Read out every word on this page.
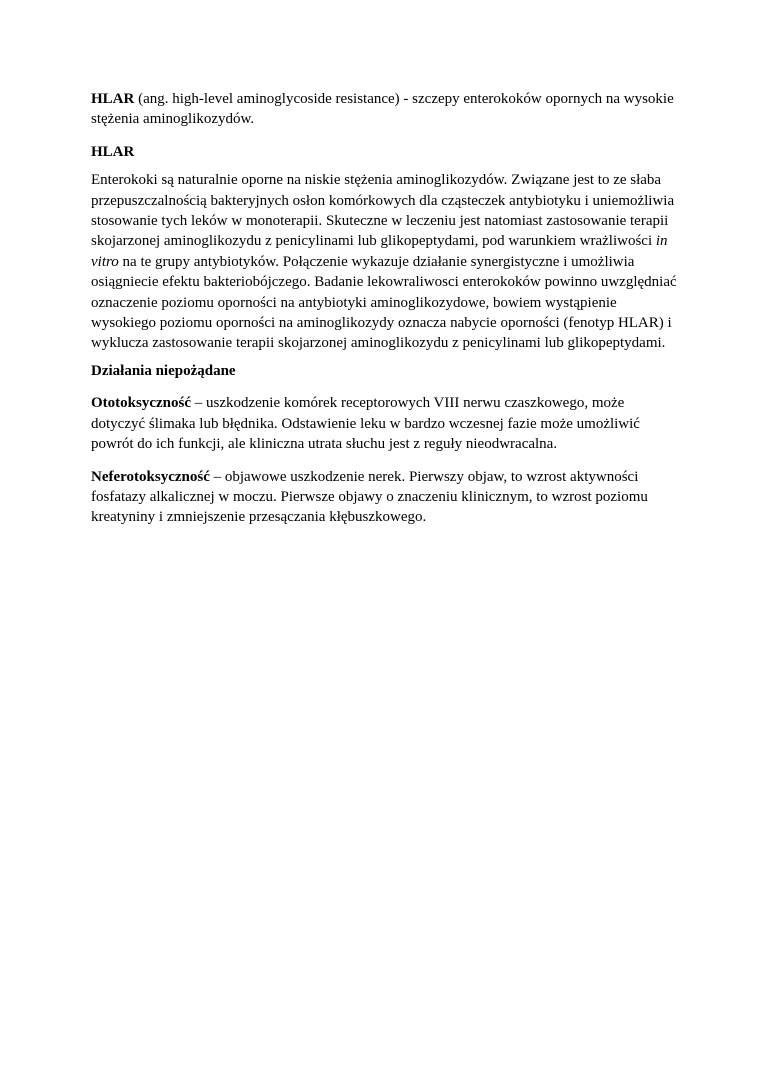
HLAR (ang. high-level aminoglycoside resistance) - szczepy enterokoków opornych na wysokie stężenia aminoglikozydów.

HLAR

Enterokoki są naturalnie oporne na niskie stężenia aminoglikozydów. Związane jest to ze słaba przepuszczalnością bakteryjnych osłon komórkowych dla cząsteczek antybiotyku i uniemożliwia stosowanie tych leków w monoterapii. Skuteczne w leczeniu jest natomiast zastosowanie terapii skojarzonej aminoglikozydu z penicylinami lub glikopeptydami, pod warunkiem wrażliwości in vitro na te grupy antybiotyków. Połączenie wykazuje działanie synergistyczne i umożliwia osiągniecie efektu bakteriobójczego. Badanie lekowraliwosci enterokoków powinno uwzględniać oznaczenie poziomu oporności na antybiotyki aminoglikozydowe, bowiem wystąpienie wysokiego poziomu oporności na aminoglikozydy oznacza nabycie oporności (fenotyp HLAR) i wyklucza zastosowanie terapii skojarzonej aminoglikozydu z penicylinami lub glikopeptydami.

Działania niepożądane

Ototoksyczność – uszkodzenie komórek receptorowych VIII nerwu czaszkowego, może dotyczyć ślimaka lub błędnika. Odstawienie leku w bardzo wczesnej fazie może umożliwić powrót do ich funkcji, ale kliniczna utrata słuchu jest z reguły nieodwracalna.

Neferotoksyczność – objawowe uszkodzenie nerek. Pierwszy objaw, to wzrost aktywności fosfatazy alkalicznej w moczu. Pierwsze objawy o znaczeniu klinicznym, to wzrost poziomu kreatyniny i zmniejszenie przesączania kłębuszkowego.
